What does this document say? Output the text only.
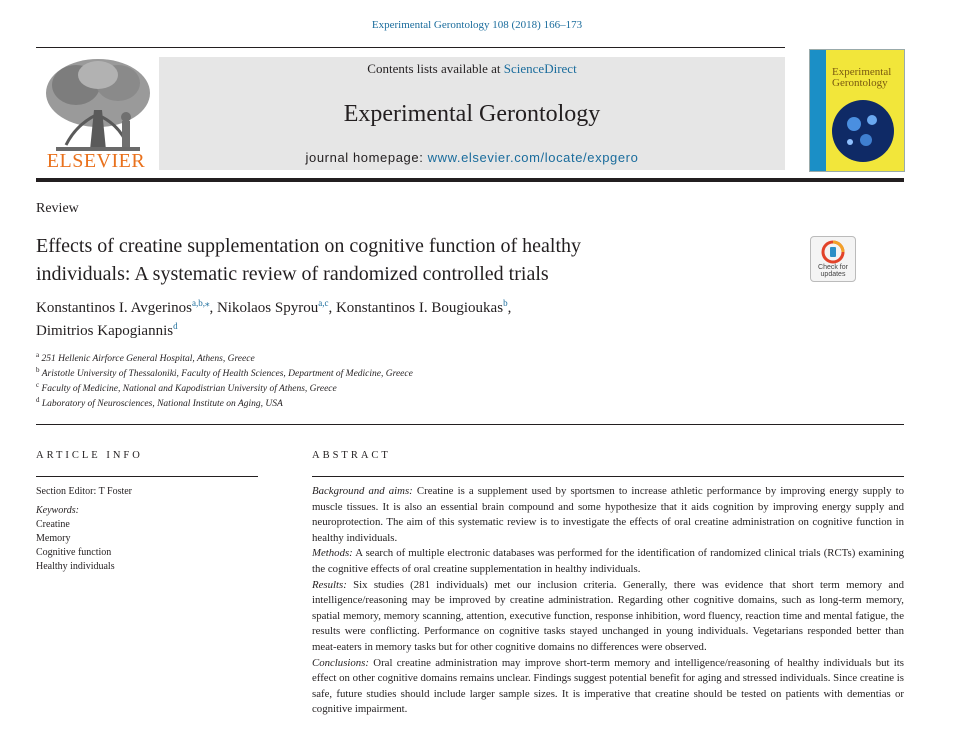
Experimental Gerontology 108 (2018) 166–173
ELSEVIER
Contents lists available at ScienceDirect
Experimental Gerontology
journal homepage: www.elsevier.com/locate/expgero
Experimental
Gerontology
Review
Effects of creatine supplementation on cognitive function of healthy
individuals: A systematic review of randomized controlled trials	Check for
updates
Konstantinos I. Avgerinos$^{a,b,⁎}$, Nikolaos Spyrou$^{a,c}$, Konstantinos I. Bougioukas$^b$,
Dimitrios Kapogiannis$^d$
$^a$ 251 Hellenic Airforce General Hospital, Athens, Greece
$^b$ Aristotle University of Thessaloniki, Faculty of Health Sciences, Department of Medicine, Greece
$^c$ Faculty of Medicine, National and Kapodistrian University of Athens, Greece
$^d$ Laboratory of Neurosciences, National Institute on Aging, USA
ARTICLE INFO	ABSTRACT
Section Editor: T Foster
Keywords:
Creatine
Memory
Cognitive function
Healthy individuals

Background and aims: Creatine is a supplement used by sportsmen to increase athletic performance by improving energy supply to muscle tissues. It is also an essential brain compound and some hypothesize that it aids cognition by improving energy supply and neuroprotection. The aim of this systematic review is to investigate the effects of oral creatine administration on cognitive function in healthy individuals.

Methods: A search of multiple electronic databases was performed for the identification of randomized clinical trials (RCTs) examining the cognitive effects of oral creatine supplementation in healthy individuals.

Results: Six studies (281 individuals) met our inclusion criteria. Generally, there was evidence that short term memory and intelligence/reasoning may be improved by creatine administration. Regarding other cognitive domains, such as long-term memory, spatial memory, memory scanning, attention, executive function, response inhibition, word fluency, reaction time and mental fatigue, the results were conflicting. Performance on cognitive tasks stayed unchanged in young individuals. Vegetarians responded better than meat-eaters in memory tasks but for other cognitive domains no differences were observed.

Conclusions: Oral creatine administration may improve short-term memory and intelligence/reasoning of healthy individuals but its effect on other cognitive domains remains unclear. Findings suggest potential benefit for aging and stressed individuals. Since creatine is safe, future studies should include larger sample sizes. It is imperative that creatine should be tested on patients with dementias or cognitive impairment.
